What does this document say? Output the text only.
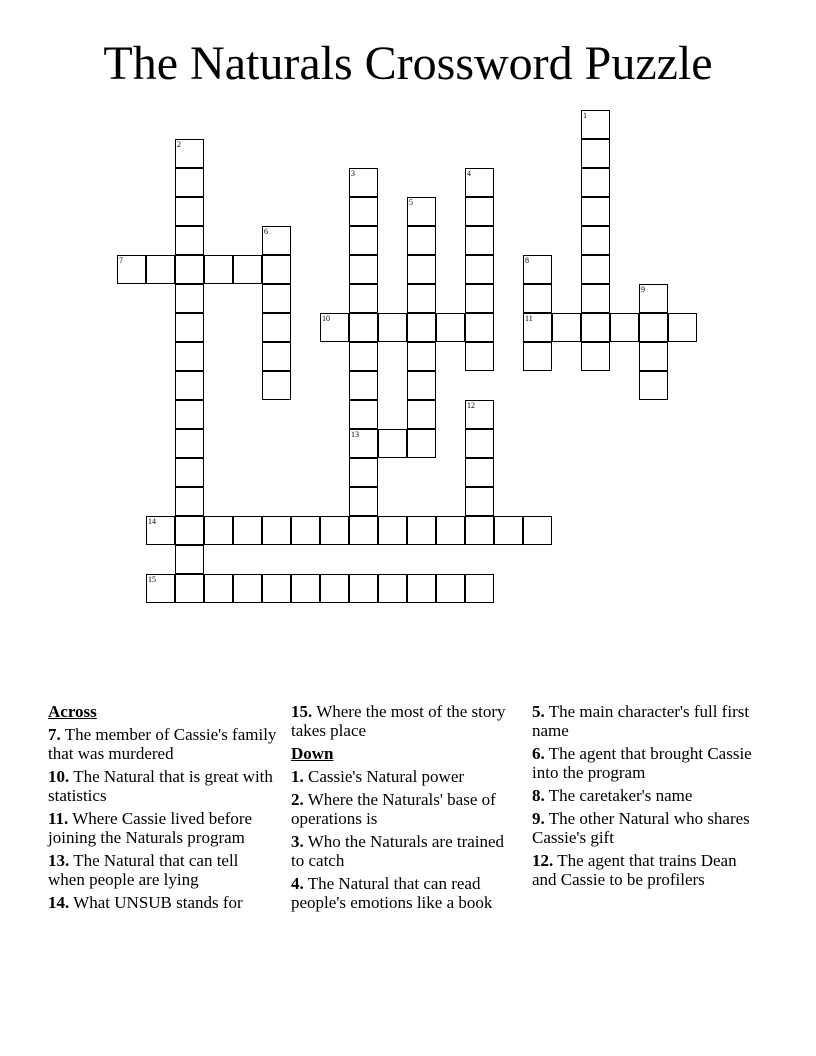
The Naturals Crossword Puzzle
1
2
3
13
4
5
6
7	8
11
9
10
12
14
15
Across
7. The member of Cassie's family that was murdered
10. The Natural that is great with statistics
11. Where Cassie lived before joining the Naturals program
13. The Natural that can tell when people are lying
14. What UNSUB stands for
15. Where the most of the story takes place
Down
1. Cassie's Natural power
2. Where the Naturals' base of operations is
3. Who the Naturals are trained to catch
4. The Natural that can read people's emotions like a book
5. The main character's full first name
6. The agent that brought Cassie into the program
8. The caretaker's name
9. The other Natural who shares Cassie's gift
12. The agent that trains Dean and Cassie to be profilers
